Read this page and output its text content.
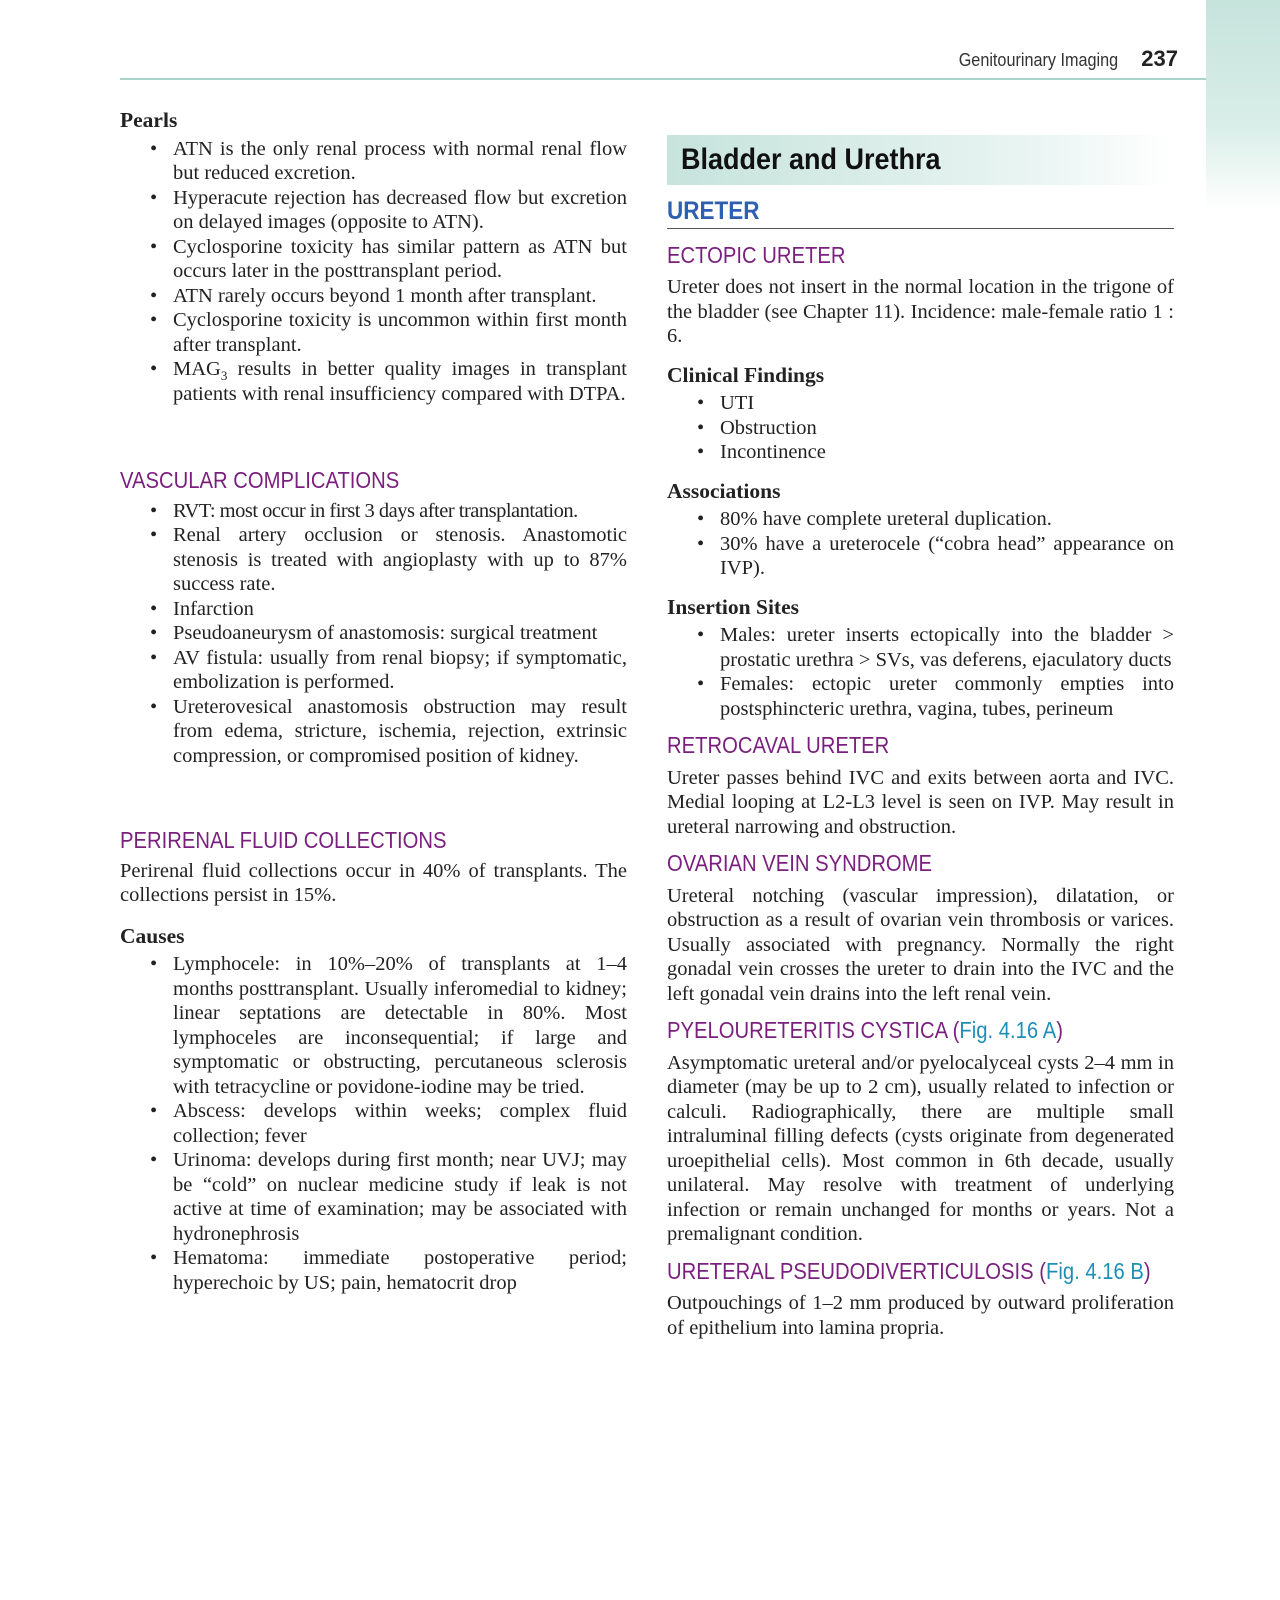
Genitourinary Imaging 237
Pearls
• ATN is the only renal process with normal renal flow but reduced excretion.
• Hyperacute rejection has decreased flow but excretion on delayed images (opposite to ATN).
• Cyclosporine toxicity has similar pattern as ATN but occurs later in the posttransplant period.
• ATN rarely occurs beyond 1 month after transplant.
• Cyclosporine toxicity is uncommon within first month after transplant.
• $MAG_3$ results in better quality images in transplant patients with renal insufficiency compared with DTPA.
VASCULAR COMPLICATIONS
• RVT: most occur in first 3 days after transplantation.
• Renal artery occlusion or stenosis. Anastomotic stenosis is treated with angioplasty with up to 87% success rate.
• Infarction
• Pseudoaneurysm of anastomosis: surgical treatment
• AV fistula: usually from renal biopsy; if symptomatic, embolization is performed.
• Ureterovesical anastomosis obstruction may result from edema, stricture, ischemia, rejection, extrinsic compression, or compromised position of kidney.
PERIRENAL FLUID COLLECTIONS

Perirenal fluid collections occur in 40% of transplants. The collections persist in 15%.

Causes
• Lymphocele: in 10%–20% of transplants at 1–4 months posttransplant. Usually inferomedial to kidney; linear septations are detectable in 80%. Most lymphoceles are inconsequential; if large and symptomatic or obstructing, percutaneous sclerosis with tetracycline or povidone-iodine may be tried.
• Abscess: develops within weeks; complex fluid collection; fever
• Urinoma: develops during first month; near UVJ; may be “cold” on nuclear medicine study if leak is not active at time of examination; may be associated with hydronephrosis
• Hematoma: immediate postoperative period; hyperechoic by US; pain, hematocrit drop
Bladder and Urethra
URETER
ECTOPIC URETER

Ureter does not insert in the normal location in the trigone of the bladder (see Chapter 11). Incidence: male-female ratio 1 : 6.

Clinical Findings
• UTI
• Obstruction
• Incontinence
Associations
• 80% have complete ureteral duplication.
• 30% have a ureterocele (“cobra head” appearance on IVP).
Insertion Sites
• Males: ureter inserts ectopically into the bladder > prostatic urethra > SVs, vas deferens, ejaculatory ducts
• Females: ectopic ureter commonly empties into postsphincteric urethra, vagina, tubes, perineum
RETROCAVAL URETER

Ureter passes behind IVC and exits between aorta and IVC. Medial looping at L2-L3 level is seen on IVP. May result in ureteral narrowing and obstruction.

OVARIAN VEIN SYNDROME

Ureteral notching (vascular impression), dilatation, or obstruction as a result of ovarian vein thrombosis or varices. Usually associated with pregnancy. Normally the right gonadal vein crosses the ureter to drain into the IVC and the left gonadal vein drains into the left renal vein.

PYELOURETERITIS CYSTICA (Fig. 4.16 A)

Asymptomatic ureteral and/or pyelocalyceal cysts 2–4 mm in diameter (may be up to 2 cm), usually related to infection or calculi. Radiographically, there are multiple small intraluminal filling defects (cysts originate from degenerated uroepithelial cells). Most common in 6th decade, usually unilateral. May resolve with treatment of underlying infection or remain unchanged for months or years. Not a premalignant condition.

URETERAL PSEUDODIVERTICULOSIS (Fig. 4.16 B)

Outpouchings of 1–2 mm produced by outward proliferation of epithelium into lamina propria.
